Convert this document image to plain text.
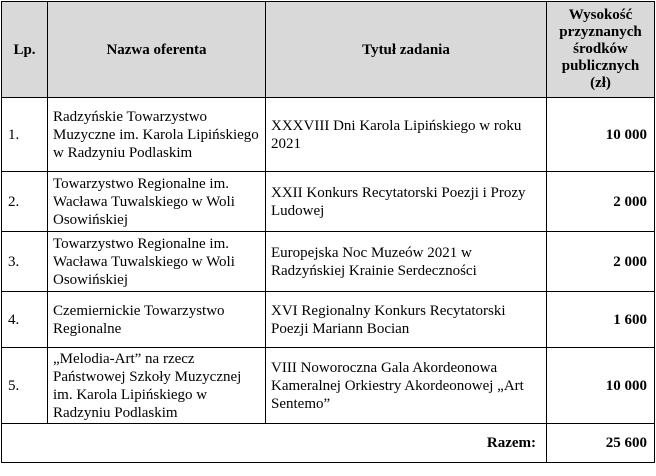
Lp.	Nazwa oferenta	Tytuł zadania	Wysokość przyznanych środków publicznych (zł)
1.	Radzyńskie Towarzystwo Muzyczne im. Karola Lipińskiego w Radzyniu Podlaskim	XXXVIII Dni Karola Lipińskiego w roku 2021	10 000
2.	Towarzystwo Regionalne im. Wacława Tuwalskiego w Woli Osowińskiej	XXII Konkurs Recytatorski Poezji i Prozy Ludowej	2 000
3.	Towarzystwo Regionalne im. Wacława Tuwalskiego w Woli Osowińskiej	Europejska Noc Muzeów 2021 w Radzyńskiej Krainie Serdeczności	2 000
4.	Czemiernickie Towarzystwo Regionalne	XVI Regionalny Konkurs Recytatorski Poezji Mariann Bocian	1 600
5.	„Melodia-Art” na rzecz Państwowej Szkoły Muzycznej im. Karola Lipińskiego w Radzyniu Podlaskim	VIII Noworoczna Gala Akordeonowa Kameralnej Orkiestry Akordeonowej „Art Sentemo”	10 000
Razem:			25 600
